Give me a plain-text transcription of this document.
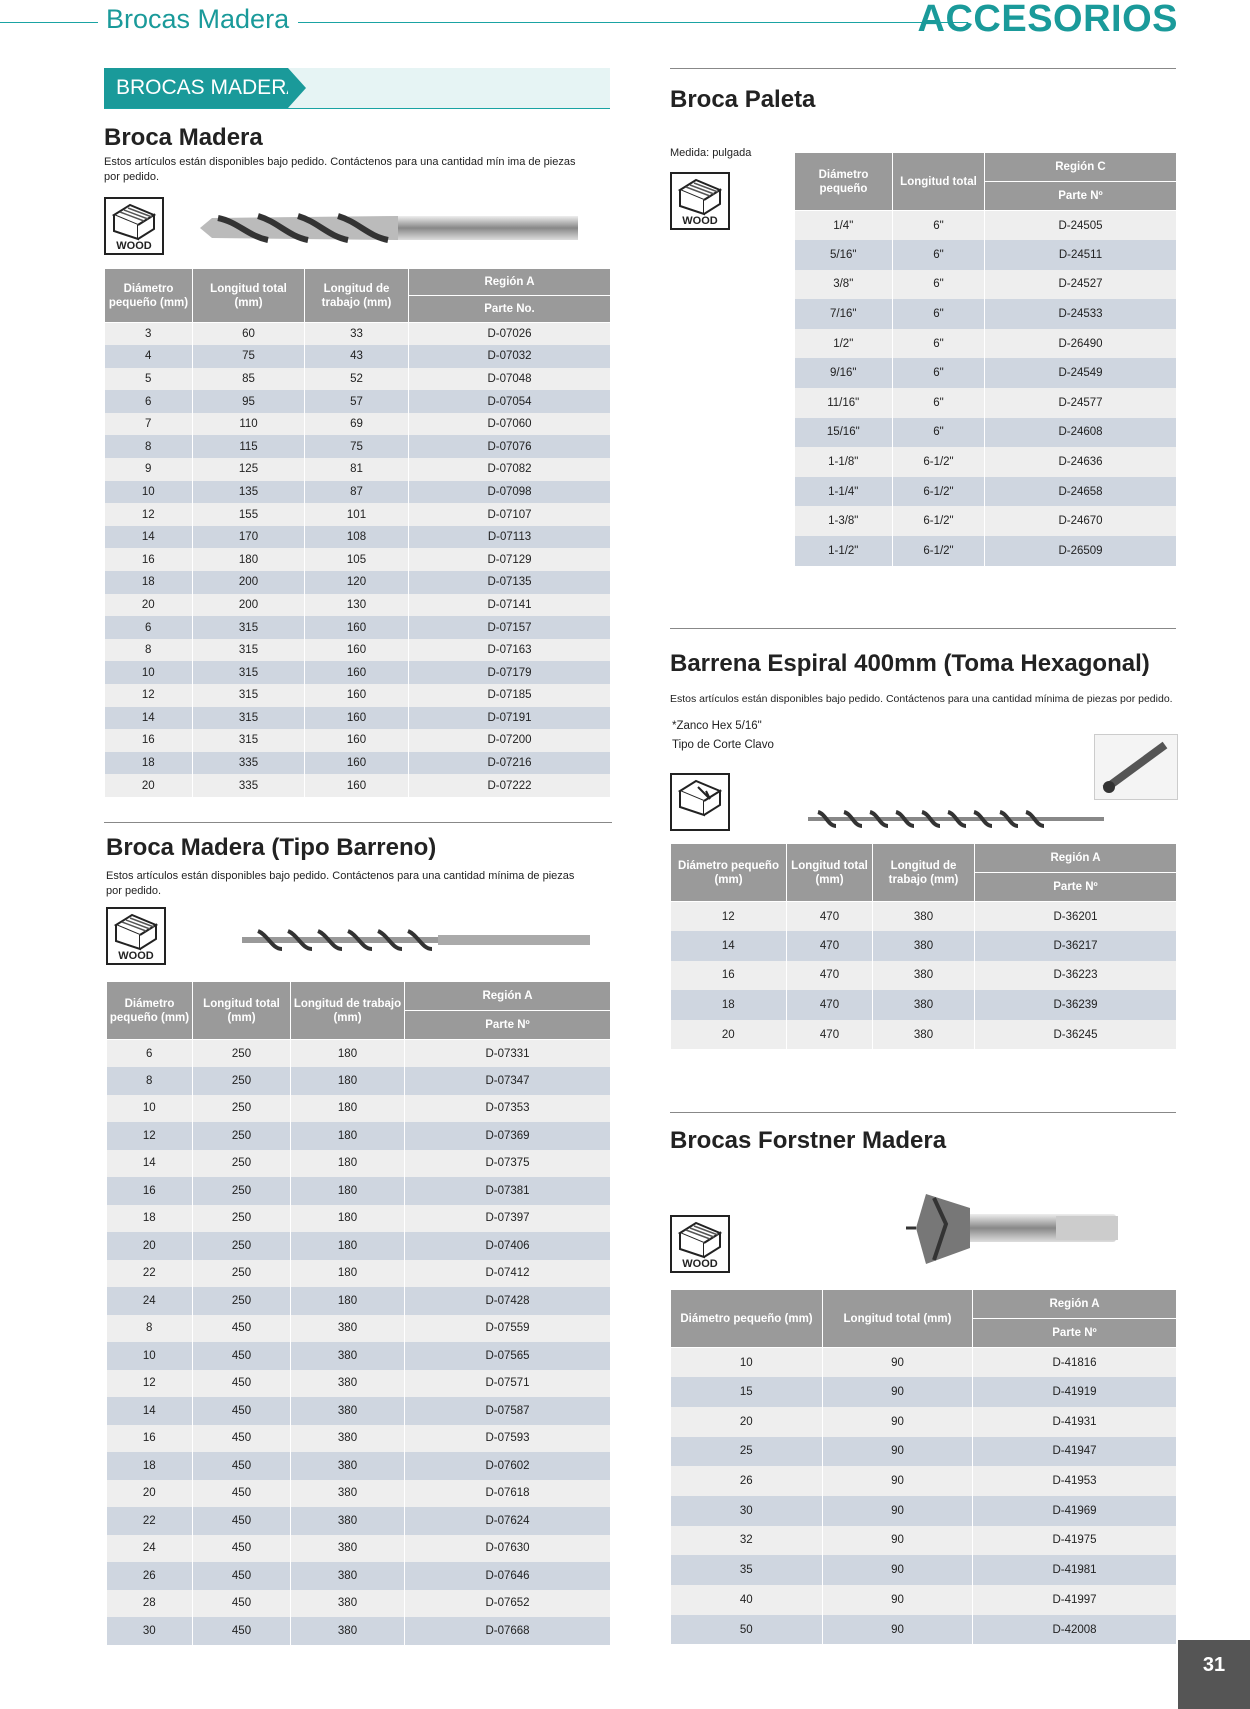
Brocas Madera	ACCESORIOS
BROCAS MADERA
Broca Madera
Estos artículos están disponibles bajo pedido. Contáctenos para una cantidad mín ima de piezas por pedido.
WOOD
Diámetro pequeño (mm)	Longitud total (mm)	Longitud de trabajo (mm)	Región A
			Parte No.
3	60	33	D-07026
4	75	43	D-07032
5	85	52	D-07048
6	95	57	D-07054
7	110	69	D-07060
8	115	75	D-07076
9	125	81	D-07082
10	135	87	D-07098
12	155	101	D-07107
14	170	108	D-07113
16	180	105	D-07129
18	200	120	D-07135
20	200	130	D-07141
6	315	160	D-07157
8	315	160	D-07163
10	315	160	D-07179
12	315	160	D-07185
14	315	160	D-07191
16	315	160	D-07200
18	335	160	D-07216
20	335	160	D-07222
Broca Madera (Tipo Barreno)
Estos artículos están disponibles bajo pedido. Contáctenos para una cantidad mínima de piezas por pedido.
WOOD
Diámetro pequeño (mm)	Longitud total (mm)	Longitud de trabajo (mm)	Región A
			Parte Nº
6	250	180	D-07331
8	250	180	D-07347
10	250	180	D-07353
12	250	180	D-07369
14	250	180	D-07375
16	250	180	D-07381
18	250	180	D-07397
20	250	180	D-07406
22	250	180	D-07412
24	250	180	D-07428
8	450	380	D-07559
10	450	380	D-07565
12	450	380	D-07571
14	450	380	D-07587
16	450	380	D-07593
18	450	380	D-07602
20	450	380	D-07618
22	450	380	D-07624
24	450	380	D-07630
26	450	380	D-07646
28	450	380	D-07652
30	450	380	D-07668
Broca Paleta
Medida: pulgada
WOOD
Diámetro pequeño	Longitud total	Región C
		Parte Nº
1/4"	6"	D-24505
5/16"	6"	D-24511
3/8"	6"	D-24527
7/16"	6"	D-24533
1/2"	6"	D-26490
9/16"	6"	D-24549
11/16"	6"	D-24577
15/16"	6"	D-24608
1-1/8"	6-1/2"	D-24636
1-1/4"	6-1/2"	D-24658
1-3/8"	6-1/2"	D-24670
1-1/2"	6-1/2"	D-26509
Barrena Espiral 400mm (Toma Hexagonal)
Estos artículos están disponibles bajo pedido. Contáctenos para una cantidad mínima de piezas por pedido.
*Zanco Hex 5/16"
Tipo de Corte Clavo
Diámetro pequeño (mm)	Longitud total (mm)	Longitud de trabajo (mm)	Región A
			Parte Nº
12	470	380	D-36201
14	470	380	D-36217
16	470	380	D-36223
18	470	380	D-36239
20	470	380	D-36245
Brocas Forstner Madera
WOOD
Diámetro pequeño (mm)	Longitud total (mm)	Región A
		Parte Nº
10	90	D-41816
15	90	D-41919
20	90	D-41931
25	90	D-41947
26	90	D-41953
30	90	D-41969
32	90	D-41975
35	90	D-41981
40	90	D-41997
50	90	D-42008
31
